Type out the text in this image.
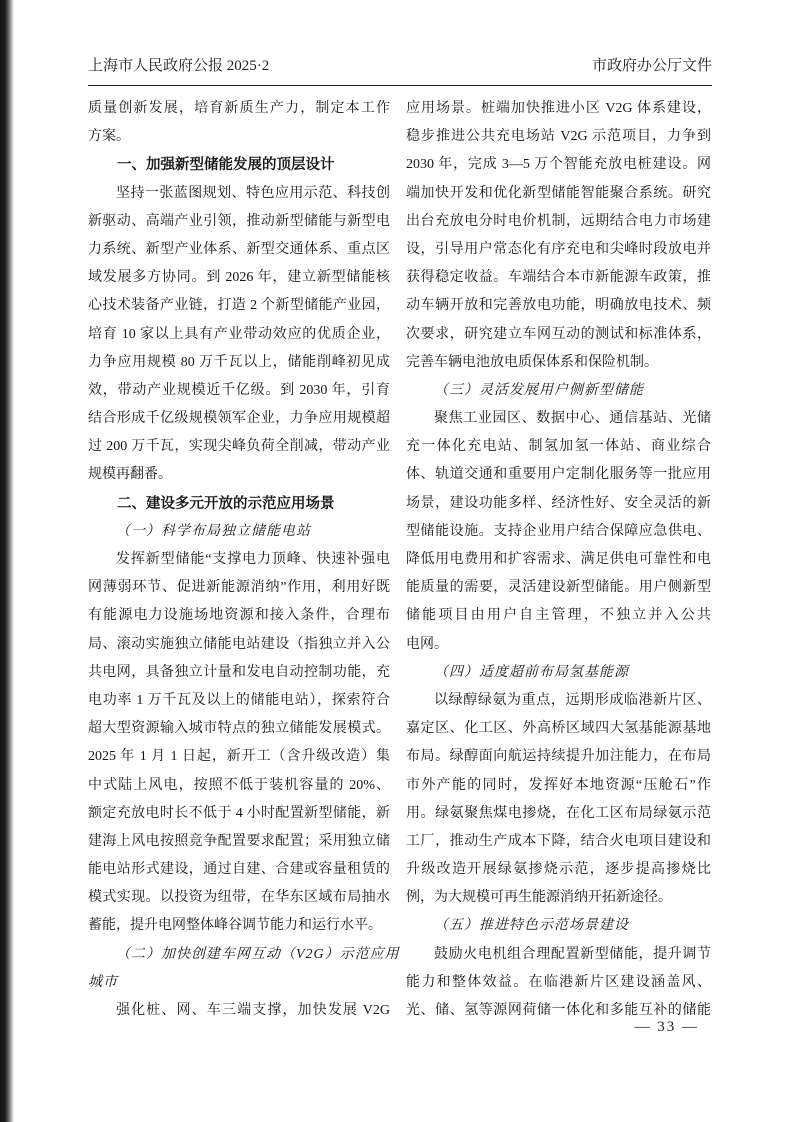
上海市人民政府公报 2025·2	市政府办公厅文件
质量创新发展，培育新质生产力，制定本工作
方案。
一、加强新型储能发展的顶层设计
坚持一张蓝图规划、特色应用示范、科技创
新驱动、高端产业引领，推动新型储能与新型电
力系统、新型产业体系、新型交通体系、重点区
域发展多方协同。到 2026 年，建立新型储能核
心技术装备产业链，打造 2 个新型储能产业园，
培育 10 家以上具有产业带动效应的优质企业，
力争应用规模 80 万千瓦以上，储能削峰初见成
效，带动产业规模近千亿级。到 2030 年，引育
结合形成千亿级规模领军企业，力争应用规模超
过 200 万千瓦，实现尖峰负荷全削减，带动产业
规模再翻番。
二、建设多元开放的示范应用场景
（一）科学布局独立储能电站
发挥新型储能“支撑电力顶峰、快速补强电
网薄弱环节、促进新能源消纳”作用，利用好既
有能源电力设施场地资源和接入条件，合理布
局、滚动实施独立储能电站建设（指独立并入公
共电网，具备独立计量和发电自动控制功能，充
电功率 1 万千瓦及以上的储能电站），探索符合
超大型资源输入城市特点的独立储能发展模式。
2025 年 1 月 1 日起，新开工（含升级改造）集
中式陆上风电，按照不低于装机容量的 20%、
额定充放电时长不低于 4 小时配置新型储能，新
建海上风电按照竞争配置要求配置；采用独立储
能电站形式建设，通过自建、合建或容量租赁的
模式实现。以投资为纽带，在华东区域布局抽水
蓄能，提升电网整体峰谷调节能力和运行水平。
（二）加快创建车网互动（V2G）示范应用
城市
强化桩、网、车三端支撑，加快发展 V2G
应用场景。桩端加快推进小区 V2G 体系建设，
稳步推进公共充电场站 V2G 示范项目，力争到
2030 年，完成 3—5 万个智能充放电桩建设。网
端加快开发和优化新型储能智能聚合系统。研究
出台充放电分时电价机制，远期结合电力市场建
设，引导用户常态化有序充电和尖峰时段放电并
获得稳定收益。车端结合本市新能源车政策，推
动车辆开放和完善放电功能，明确放电技术、频
次要求，研究建立车网互动的测试和标准体系，
完善车辆电池放电质保体系和保险机制。
（三）灵活发展用户侧新型储能
聚焦工业园区、数据中心、通信基站、光储
充一体化充电站、制氢加氢一体站、商业综合
体、轨道交通和重要用户定制化服务等一批应用
场景，建设功能多样、经济性好、安全灵活的新
型储能设施。支持企业用户结合保障应急供电、
降低用电费用和扩容需求、满足供电可靠性和电
能质量的需要，灵活建设新型储能。用户侧新型
储能项目由用户自主管理，不独立并入公共
电网。
（四）适度超前布局氢基能源
以绿醇绿氨为重点，远期形成临港新片区、
嘉定区、化工区、外高桥区域四大氢基能源基地
布局。绿醇面向航运持续提升加注能力，在布局
市外产能的同时，发挥好本地资源“压舱石”作
用。绿氨聚焦煤电掺烧，在化工区布局绿氨示范
工厂，推动生产成本下降，结合火电项目建设和
升级改造开展绿氨掺烧示范，逐步提高掺烧比
例，为大规模可再生能源消纳开拓新途径。
（五）推进特色示范场景建设
鼓励火电机组合理配置新型储能，提升调节
能力和整体效益。在临港新片区建设涵盖风、
光、储、氢等源网荷储一体化和多能互补的储能
— 33 —
